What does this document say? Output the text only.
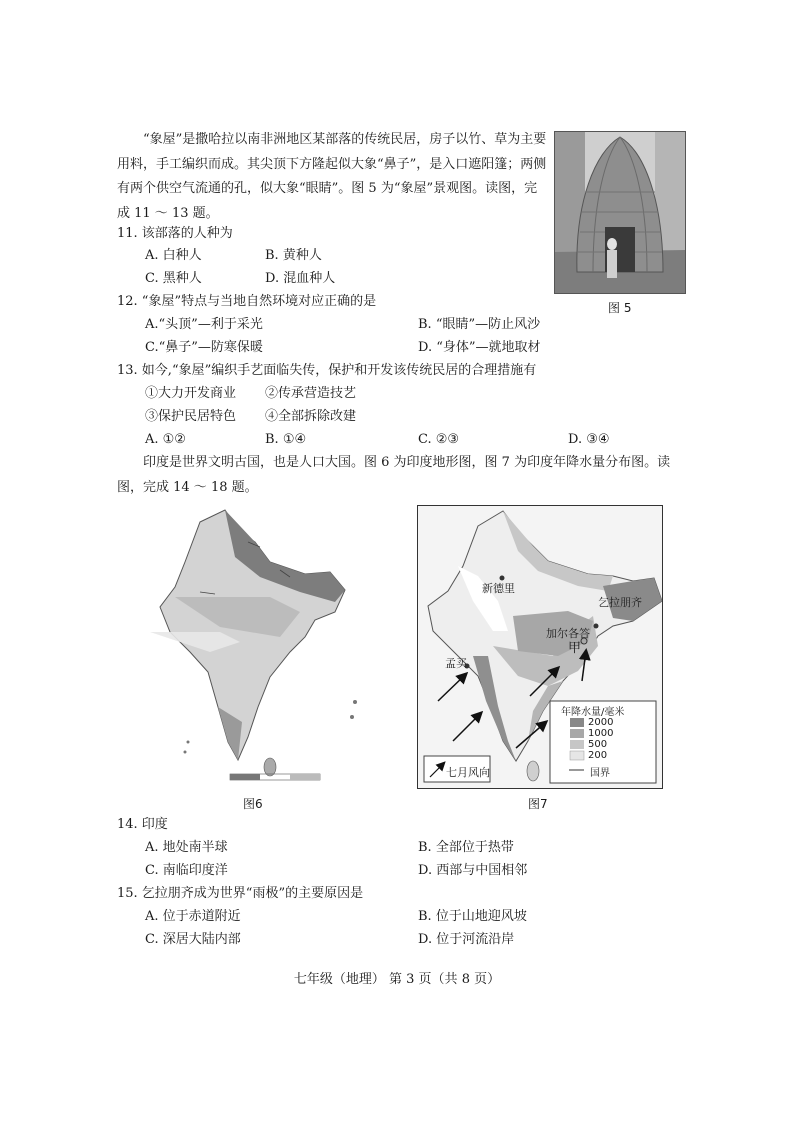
“象屋”是撒哈拉以南非洲地区某部落的传统民居，房子以竹、草为主要用料，手工编织而成。其尖顶下方隆起似大象“鼻子”，是入口遮阳篷；两侧有两个供空气流通的孔，似大象“眼睛”。图 5 为“象屋”景观图。读图，完成 11 ～ 13 题。
图 5
11. 该部落的人种为
A. 白种人	B. 黄种人
C. 黑种人	D. 混血种人
12. “象屋”特点与当地自然环境对应正确的是
A.“头顶”—利于采光	B. “眼睛”—防止风沙
C.“鼻子”—防寒保暖	D. “身体”—就地取材
13. 如今,“象屋”编织手艺面临失传，保护和开发该传统民居的合理措施有
①大力开发商业 ②传承营造技艺
③保护民居特色 ④全部拆除改建
A. ①②	B. ①④	C. ②③	D. ③④
印度是世界文明古国，也是人口大国。图 6 为印度地形图，图 7 为印度年降水量分布图。读图，完成 14 ～ 18 题。
图6
新德里
乞拉朋齐
加尔各答
孟买
甲
年降水量/毫米
2000
1000
500
200
国界
七月风向
图7
14. 印度
A. 地处南半球	B. 全部位于热带
C. 南临印度洋	D. 西部与中国相邻
15. 乞拉朋齐成为世界“雨极”的主要原因是
A. 位于赤道附近	B. 位于山地迎风坡
C. 深居大陆内部	D. 位于河流沿岸
七年级（地理） 第 3 页（共 8 页）
